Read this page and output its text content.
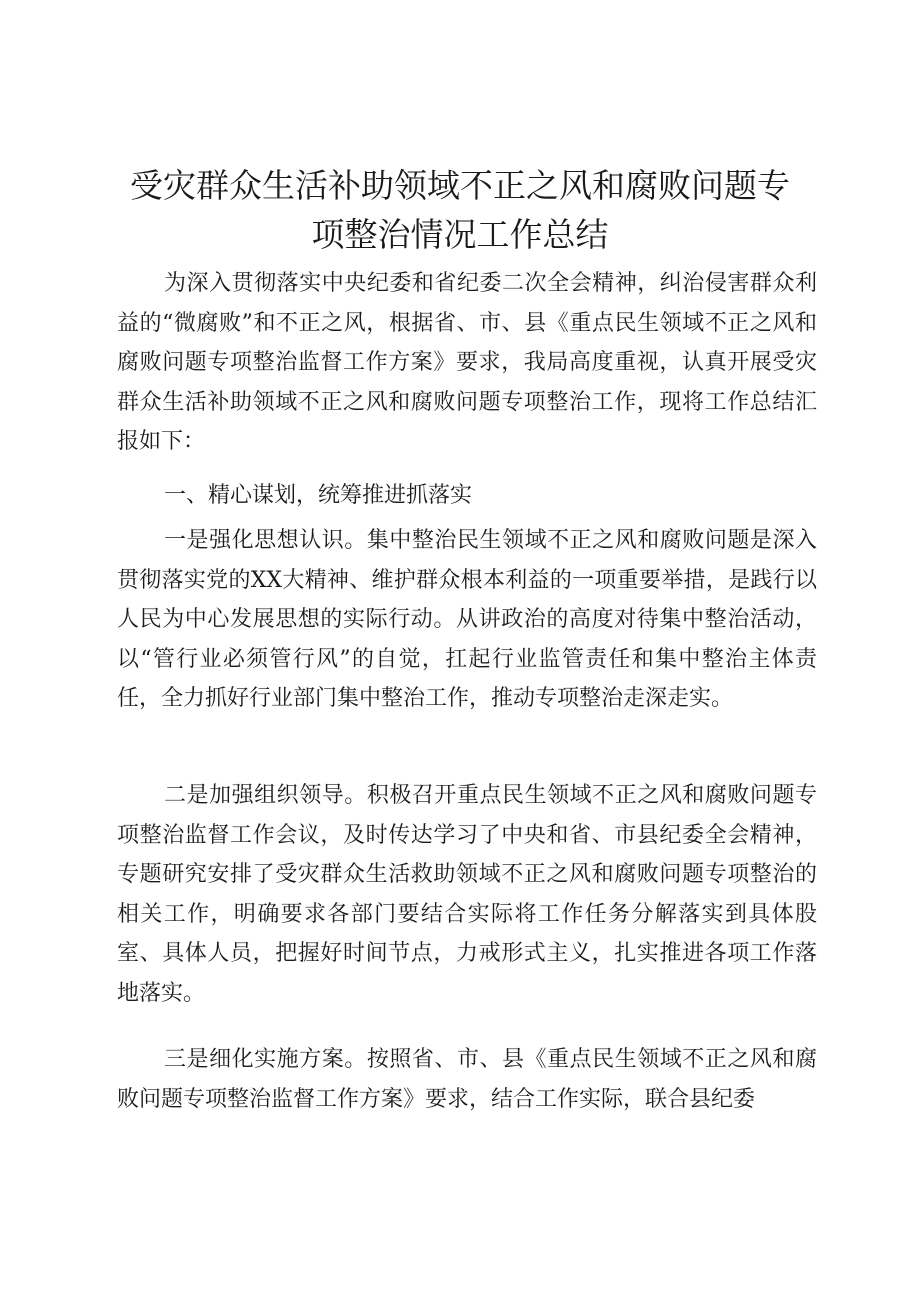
受灾群众生活补助领域不正之风和腐败问题专
项整治情况工作总结

为深入贯彻落实中央纪委和省纪委二次全会精神，纠治侵害群众利益的“微腐败”和不正之风，根据省、市、县《重点民生领域不正之风和腐败问题专项整治监督工作方案》要求，我局高度重视，认真开展受灾群众生活补助领域不正之风和腐败问题专项整治工作，现将工作总结汇报如下：

一、精心谋划，统筹推进抓落实

一是强化思想认识。集中整治民生领域不正之风和腐败问题是深入贯彻落实党的XX大精神、维护群众根本利益的一项重要举措，是践行以人民为中心发展思想的实际行动。从讲政治的高度对待集中整治活动，以“管行业必须管行风”的自觉，扛起行业监管责任和集中整治主体责任，全力抓好行业部门集中整治工作，推动专项整治走深走实。

二是加强组织领导。积极召开重点民生领域不正之风和腐败问题专项整治监督工作会议，及时传达学习了中央和省、市县纪委全会精神，专题研究安排了受灾群众生活救助领域不正之风和腐败问题专项整治的相关工作，明确要求各部门要结合实际将工作任务分解落实到具体股室、具体人员，把握好时间节点，力戒形式主义，扎实推进各项工作落地落实。

三是细化实施方案。按照省、市、县《重点民生领域不正之风和腐败问题专项整治监督工作方案》要求，结合工作实际，联合县纪委
